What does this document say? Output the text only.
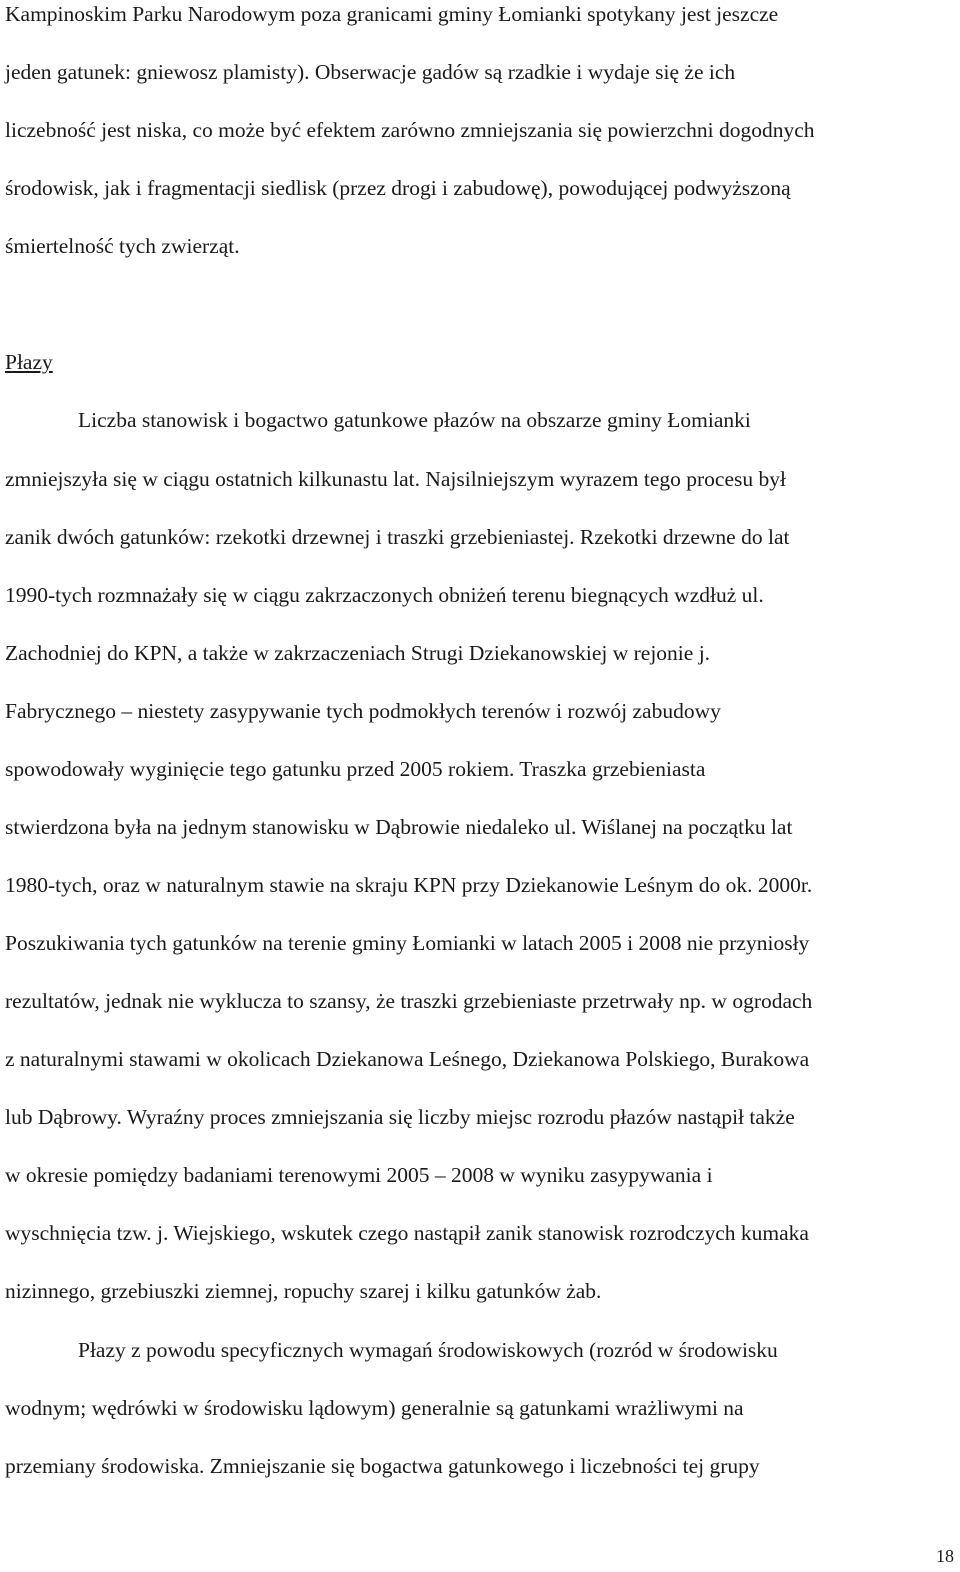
Kampinoskim Parku Narodowym poza granicami gminy Łomianki spotykany jest jeszcze

jeden gatunek: gniewosz plamisty). Obserwacje gadów są rzadkie i wydaje się że ich

liczebność jest niska, co może być efektem zarówno zmniejszania się powierzchni dogodnych

środowisk, jak i fragmentacji siedlisk (przez drogi i zabudowę), powodującej podwyższoną

śmiertelność tych zwierząt.

Płazy

Liczba stanowisk i bogactwo gatunkowe płazów na obszarze gminy Łomianki

zmniejszyła się w ciągu ostatnich kilkunastu lat. Najsilniejszym wyrazem tego procesu był

zanik dwóch gatunków: rzekotki drzewnej i traszki grzebieniastej. Rzekotki drzewne do lat

1990-tych rozmnażały się w ciągu zakrzaczonych obniżeń terenu biegnących wzdłuż ul.

Zachodniej do KPN, a także w zakrzaczeniach Strugi Dziekanowskiej w rejonie j.

Fabrycznego – niestety zasypywanie tych podmokłych terenów i rozwój zabudowy

spowodowały wyginięcie tego gatunku przed 2005 rokiem. Traszka grzebieniasta

stwierdzona była na jednym stanowisku w Dąbrowie niedaleko ul. Wiślanej na początku lat

1980-tych, oraz w naturalnym stawie na skraju KPN przy Dziekanowie Leśnym do ok. 2000r.

Poszukiwania tych gatunków na terenie gminy Łomianki w latach 2005 i 2008 nie przyniosły

rezultatów, jednak nie wyklucza to szansy, że traszki grzebieniaste przetrwały np. w ogrodach

z naturalnymi stawami w okolicach Dziekanowa Leśnego, Dziekanowa Polskiego, Burakowa

lub Dąbrowy. Wyraźny proces zmniejszania się liczby miejsc rozrodu płazów nastąpił także

w okresie pomiędzy badaniami terenowymi 2005 – 2008 w wyniku zasypywania i

wyschnięcia tzw. j. Wiejskiego, wskutek czego nastąpił zanik stanowisk rozrodczych kumaka

nizinnego, grzebiuszki ziemnej, ropuchy szarej i kilku gatunków żab.

Płazy z powodu specyficznych wymagań środowiskowych (rozród w środowisku

wodnym; wędrówki w środowisku lądowym) generalnie są gatunkami wrażliwymi na

przemiany środowiska. Zmniejszanie się bogactwa gatunkowego i liczebności tej grupy

18
